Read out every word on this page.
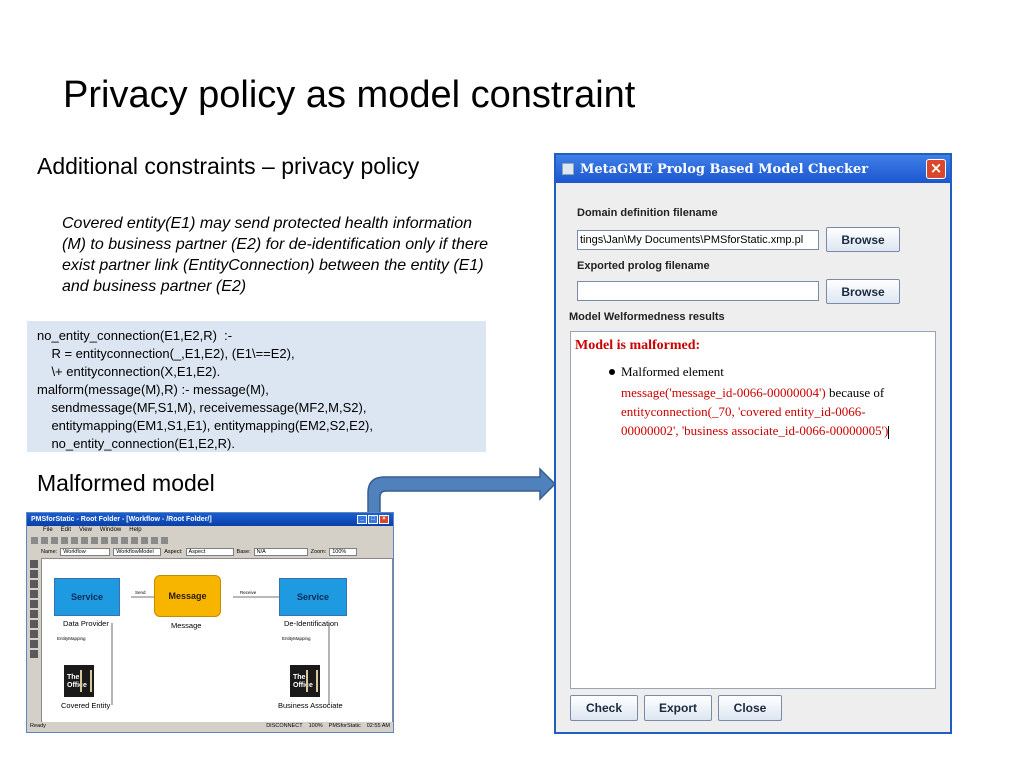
Privacy policy as model constraint
Additional constraints – privacy policy
Covered entity(E1) may send protected health information (M) to business partner (E2) for de-identification only if there exist partner link (EntityConnection) between the entity (E1) and business partner (E2)
no_entity_connection(E1,E2,R)  :-
R = entityconnection(_,E1,E2), (E1\==E2),
\+ entityconnection(X,E1,E2).
malform(message(M),R) :- message(M),
sendmessage(MF,S1,M), receivemessage(MF2,M,S2),
entitymapping(EM1,S1,E1), entitymapping(EM2,S2,E2),
no_entity_connection(E1,E2,R).
Malformed model
PMSforStatic - Root Folder - [Workflow - /Root Folder/]	_	□	×
File Edit View Window Help
Name:	Workflow	WorkflowModel	Aspect:	Aspect	Base:	N/A	Zoom:	100%
Service
Data Provider
Send	Message
Message
Receive	Service
De-Identification
EntityMapping	EntityMapping
The Office
Covered Entity
The Office
Business Associate
Ready	DISCONNECT 100% PMSforStatic 02:55 AM
MetaGME Prolog Based Model Checker	×
Domain definition filename
tings\Jan\My Documents\PMSforStatic.xmp.pl	Browse
Exported prolog filename
Browse
Model Welformedness results
Model is malformed:
Malformed element
message('message_id-0066-00000004') because of entityconnection(_70, 'covered entity_id-0066-00000002', 'business associate_id-0066-00000005')
Check	Export	Close
